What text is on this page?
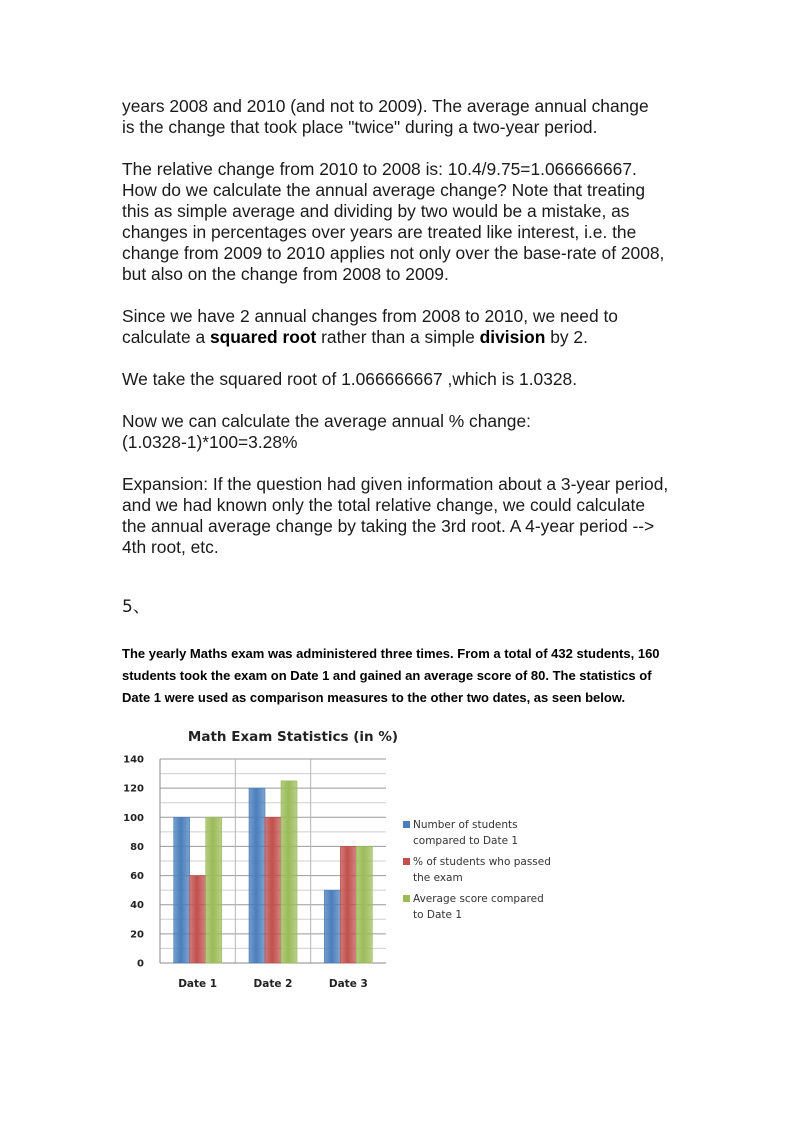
years 2008 and 2010 (and not to 2009). The average annual change
is the change that took place "twice" during a two-year period.

The relative change from 2010 to 2008 is: 10.4/9.75=1.066666667.
How do we calculate the annual average change? Note that treating
this as simple average and dividing by two would be a mistake, as
changes in percentages over years are treated like interest, i.e. the
change from 2009 to 2010 applies not only over the base-rate of 2008,
but also on the change from 2008 to 2009.

Since we have 2 annual changes from 2008 to 2010, we need to
calculate a squared root rather than a simple division by 2.

We take the squared root of 1.066666667 ,which is 1.0328.

Now we can calculate the average annual % change:
(1.0328-1)*100=3.28%

Expansion: If the question had given information about a 3-year period,
and we had known only the total relative change, we could calculate
the annual average change by taking the 3rd root. A 4-year period -->
4th root, etc.

5、
The yearly Maths exam was administered three times. From a total of 432 students, 160
students took the exam on Date 1 and gained an average score of 80. The statistics of
Date 1 were used as comparison measures to the other two dates, as seen below.
Math Exam Statistics (in %)
0
20
40
60
80
100
120
140
Date 1	Date 2	Date 3
Number of students
compared to Date 1
% of students who passed
the exam
Average score compared
to Date 1
